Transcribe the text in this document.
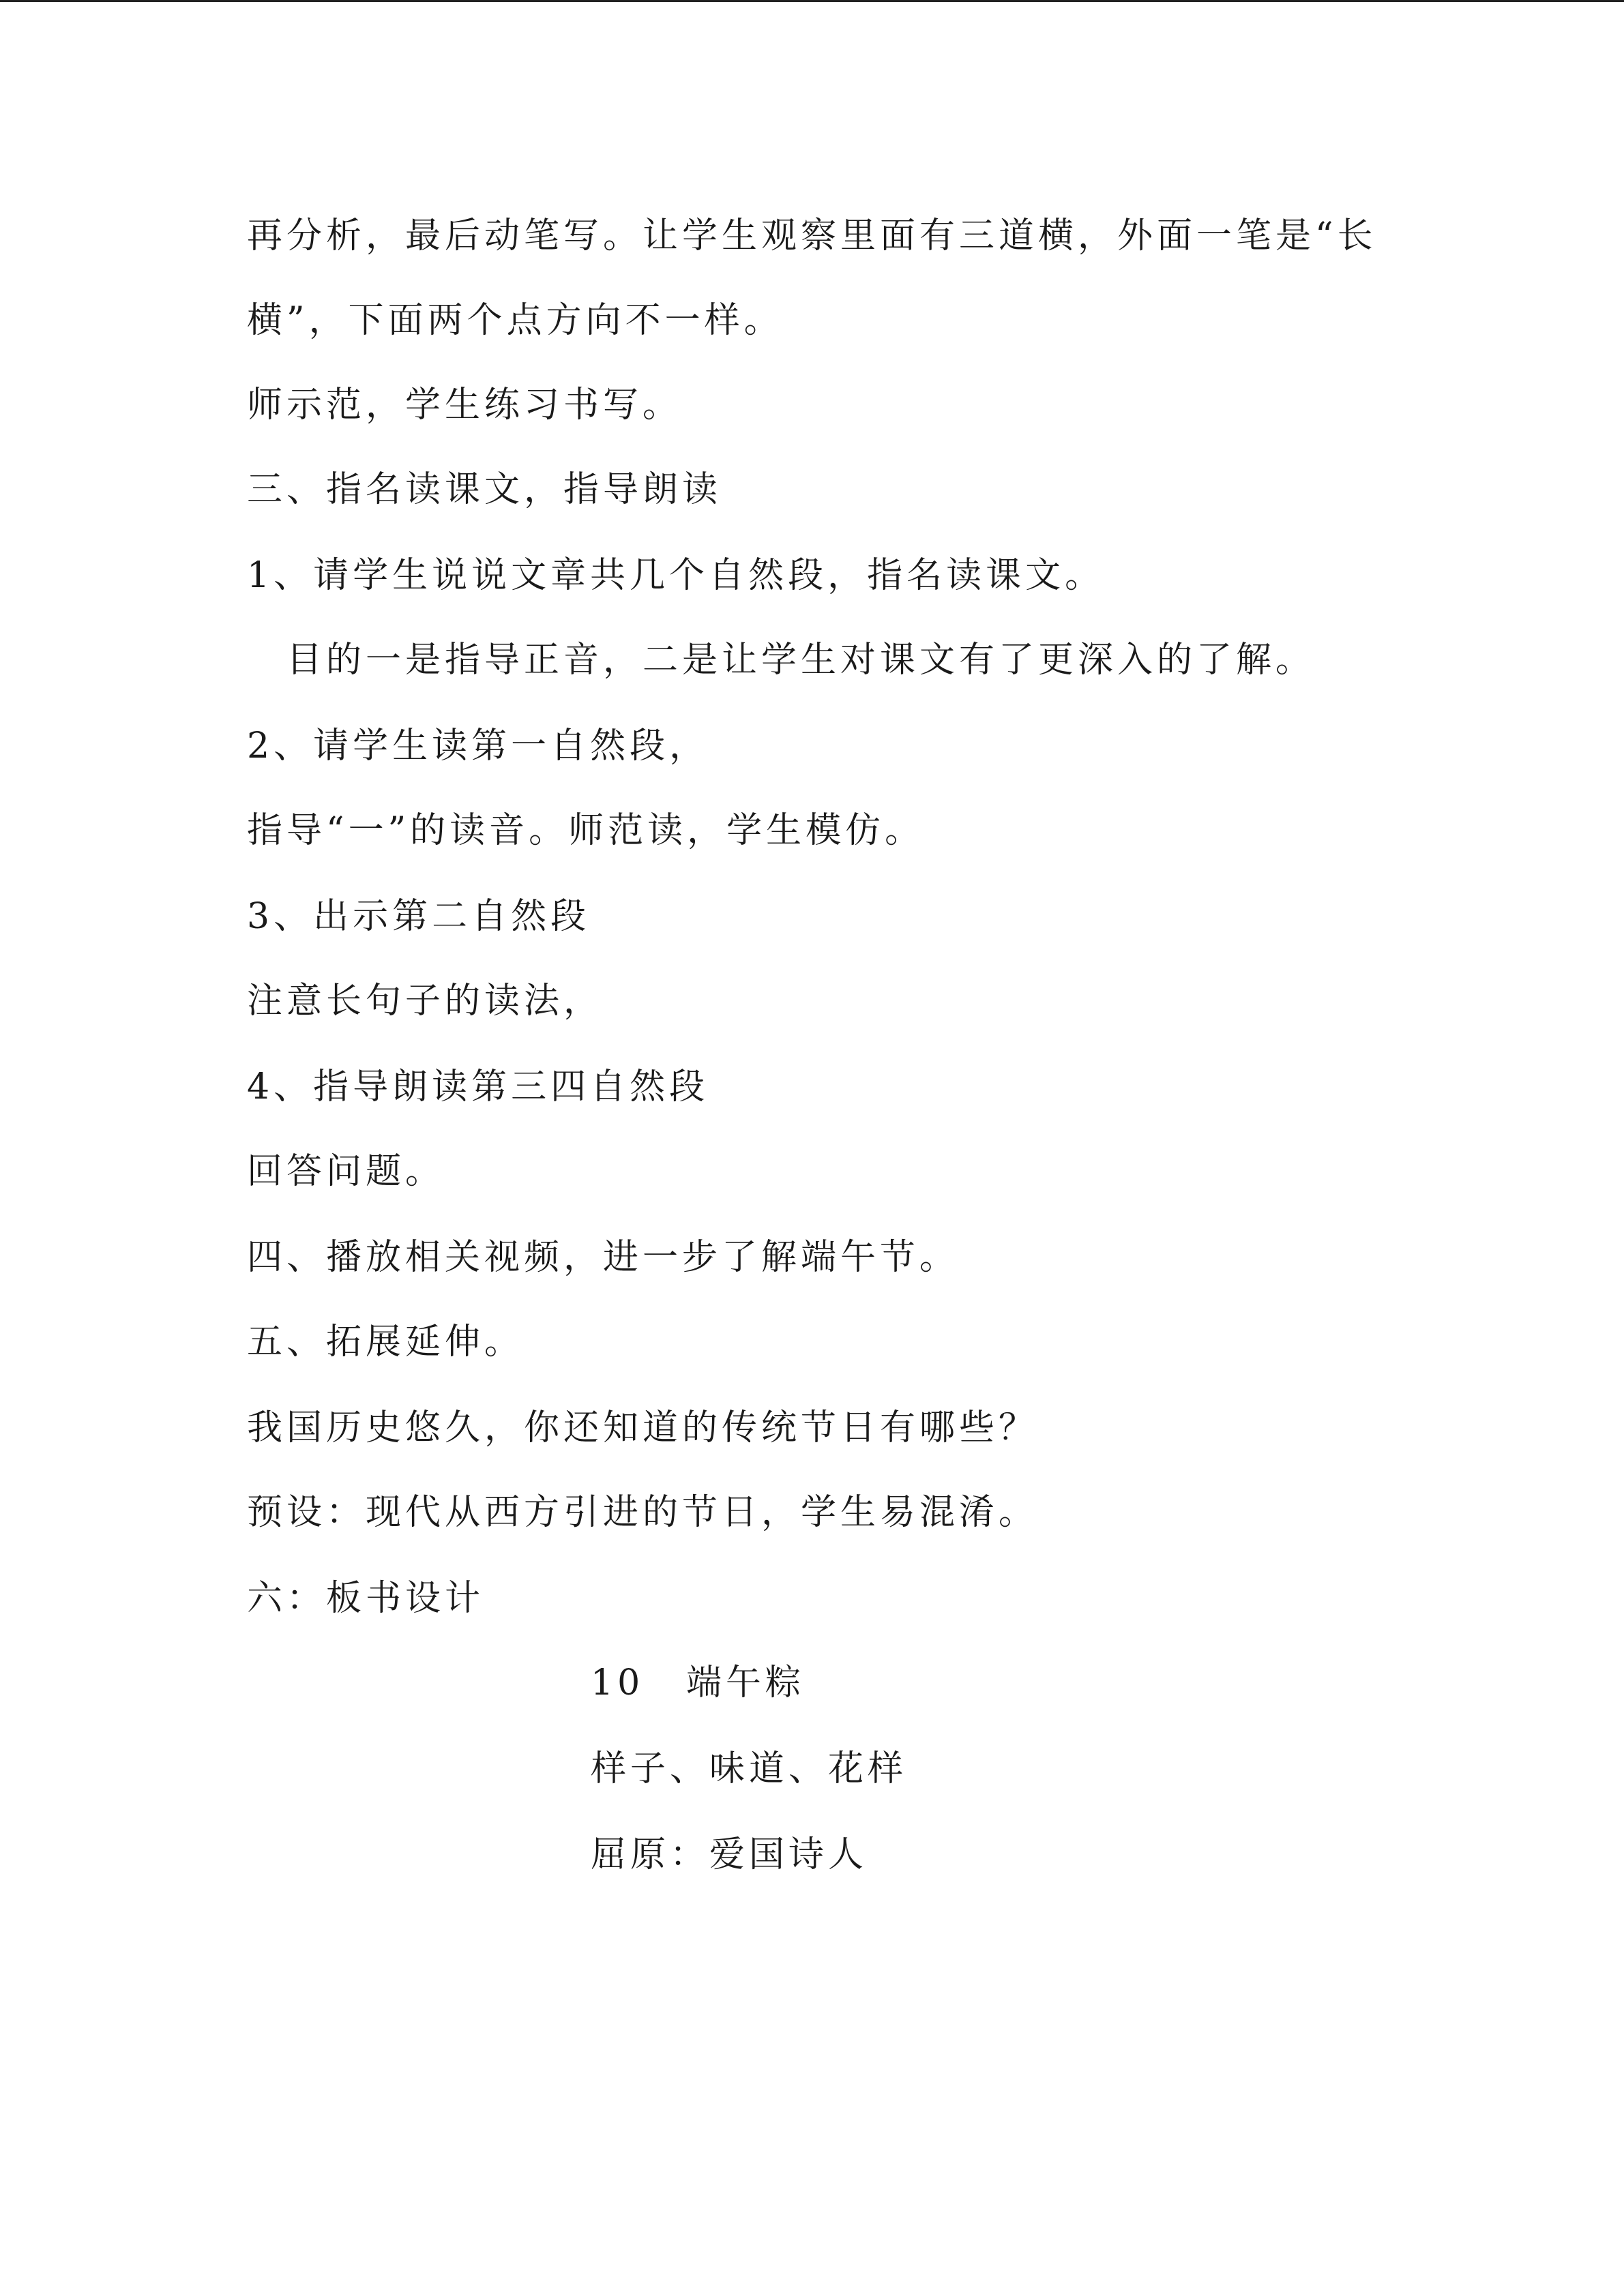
再分析，最后动笔写。让学生观察里面有三道横，外面一笔是“长
横”，下面两个点方向不一样。
师示范，学生练习书写。
三、指名读课文，指导朗读
1、请学生说说文章共几个自然段，指名读课文。
目的一是指导正音，二是让学生对课文有了更深入的了解。
2、请学生读第一自然段，
指导“一”的读音。师范读，学生模仿。
3、出示第二自然段
注意长句子的读法，
4、指导朗读第三四自然段
回答问题。
四、播放相关视频，进一步了解端午节。
五、拓展延伸。
我国历史悠久，你还知道的传统节日有哪些？
预设：现代从西方引进的节日，学生易混淆。
六：板书设计
10 端午粽
样子、味道、花样
屈原：爱国诗人
